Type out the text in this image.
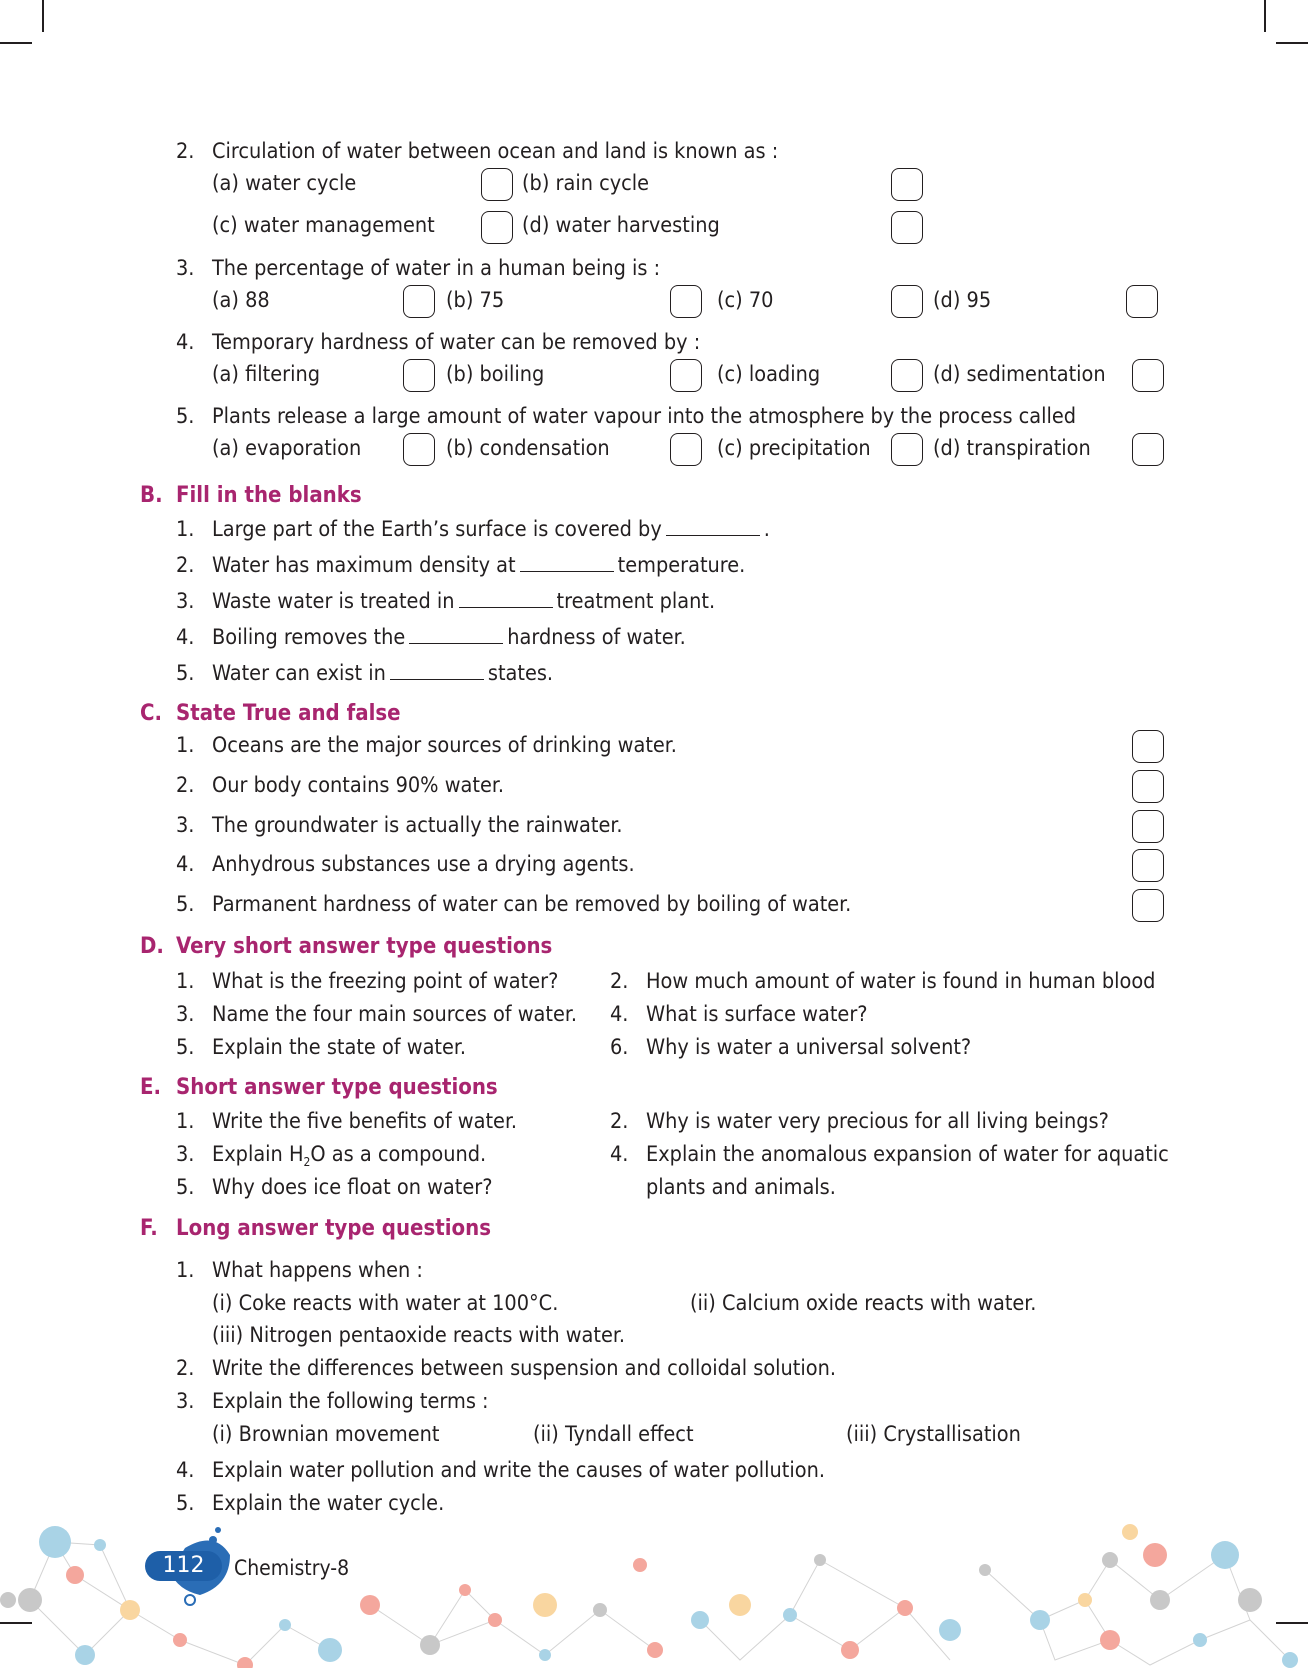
2. Circulation of water between ocean and land is known as :
(a) water cycle	(b) rain cycle
(c) water management	(d) water harvesting
3. The percentage of water in a human being is :
(a) 88	(b) 75	(c) 70	(d) 95
4. Temporary hardness of water can be removed by :
(a) filtering	(b) boiling	(c) loading	(d) sedimentation
5. Plants release a large amount of water vapour into the atmosphere by the process called
(a) evaporation	(b) condensation	(c) precipitation	(d) transpiration
B. Fill in the blanks
1. Large part of the Earth’s surface is covered by	.
2. Water has maximum density at	temperature.
3. Waste water is treated in	treatment plant.
4. Boiling removes the	hardness of water.
5. Water can exist in	states.
C. State True and false
1. Oceans are the major sources of drinking water.
2. Our body contains 90% water.
3. The groundwater is actually the rainwater.
4. Anhydrous substances use a drying agents.
5. Parmanent hardness of water can be removed by boiling of water.
D. Very short answer type questions
1. What is the freezing point of water? 2. How much amount of water is found in human blood
3. Name the four main sources of water. 4. What is surface water?
5. Explain the state of water.	6. Why is water a universal solvent?
E. Short answer type questions
1. Write the five benefits of water.	2. Why is water very precious for all living beings?
3. Explain $H_2O$ as a compound.	4. Explain the anomalous expansion of water for aquatic
5. Why does ice float on water?	plants and animals.
F. Long answer type questions
1. What happens when :
(i) Coke reacts with water at 100°C.	(ii) Calcium oxide reacts with water.
(iii) Nitrogen pentaoxide reacts with water.
2. Write the differences between suspension and colloidal solution.
3. Explain the following terms :
(i) Brownian movement	(ii) Tyndall effect	(iii) Crystallisation
4. Explain water pollution and write the causes of water pollution.
5. Explain the water cycle.
112	Chemistry-8
